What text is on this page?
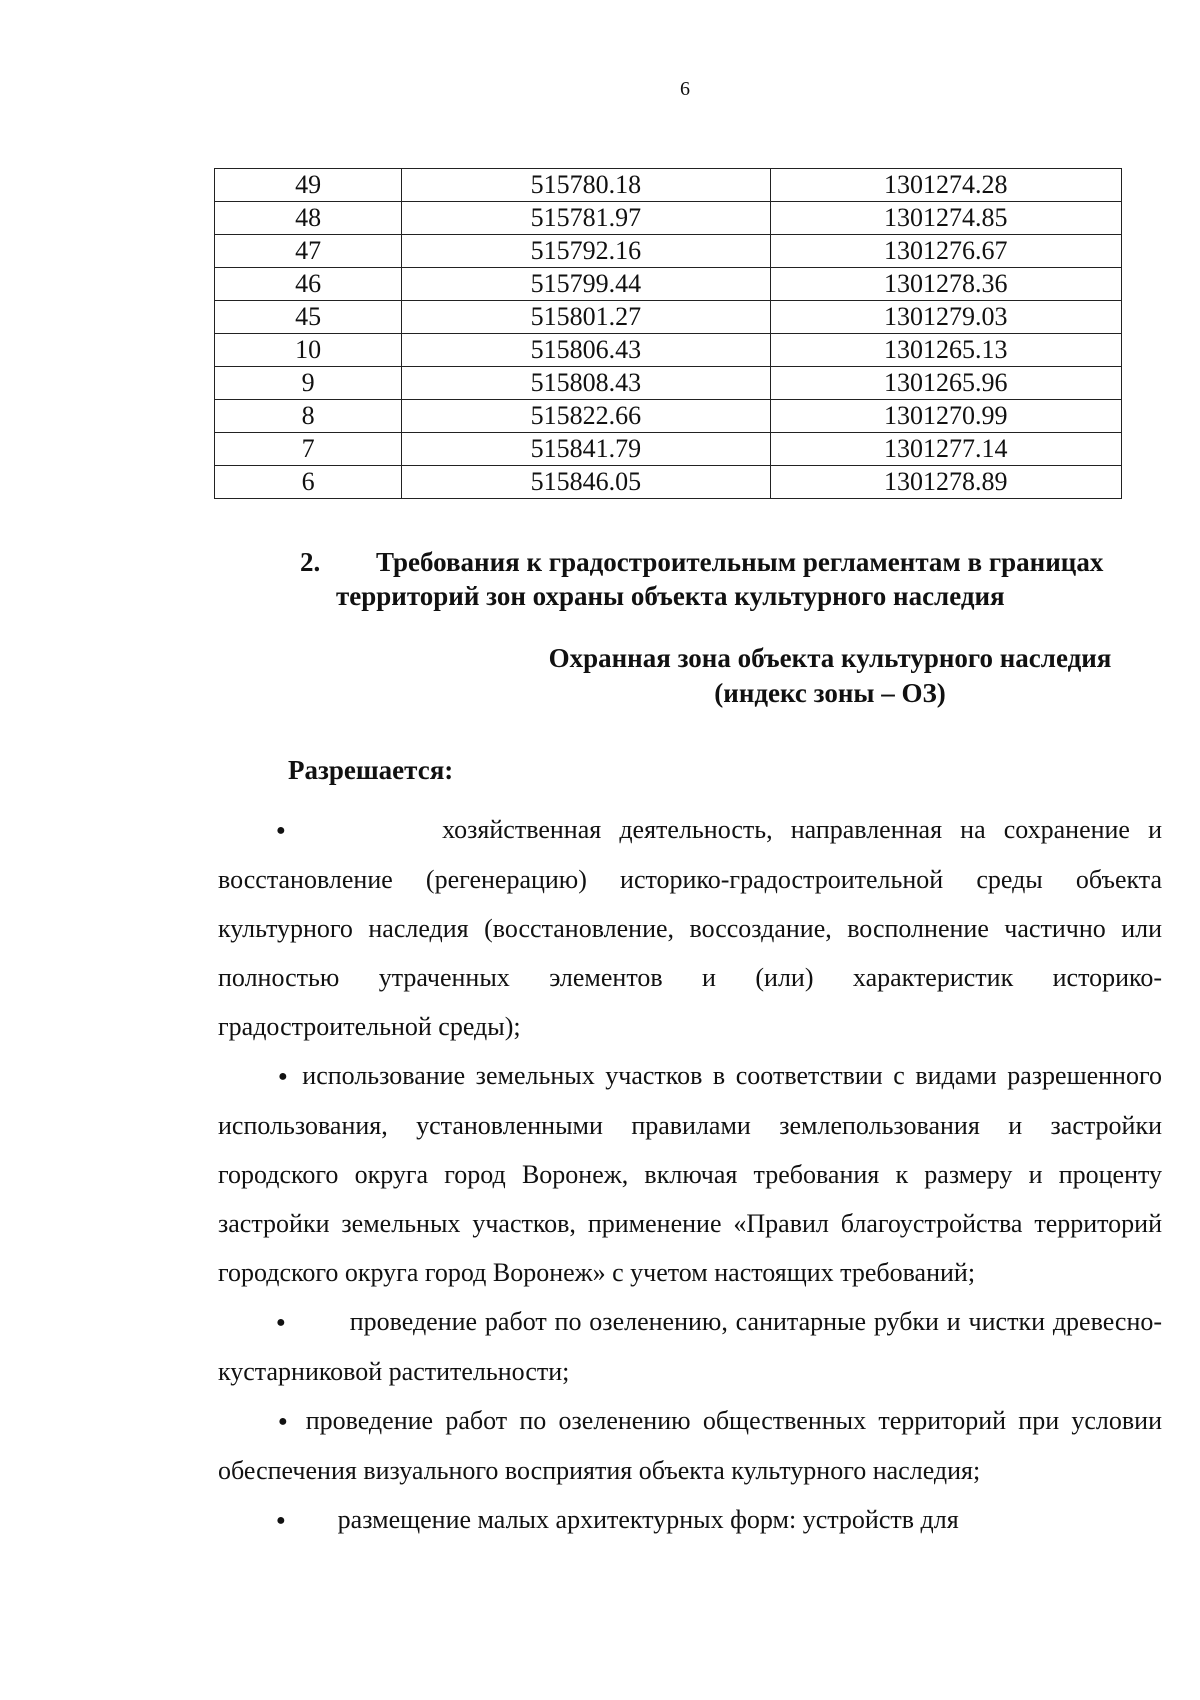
6
49	515780.18	1301274.28
48	515781.97	1301274.85
47	515792.16	1301276.67
46	515799.44	1301278.36
45	515801.27	1301279.03
10	515806.43	1301265.13
9	515808.43	1301265.96
8	515822.66	1301270.99
7	515841.79	1301277.14
6	515846.05	1301278.89
2. Требования к градостроительным регламентам в границах
территорий зон охраны объекта культурного наследия
Охранная зона объекта культурного наследия
(индекс зоны – ОЗ)
Разрешается:

●	хозяйственная деятельность, направленная на сохранение и восстановление (регенерацию) историко-градостроительной среды объекта культурного наследия (восстановление, воссоздание, восполнение частично или полностью утраченных элементов и (или) характеристик историко-градостроительной среды);

● использование земельных участков в соответствии с видами разрешенного использования, установленными правилами землепользования и застройки городского округа город Воронеж, включая требования к размеру и проценту застройки земельных участков, применение «Правил благоустройства территорий городского округа город Воронеж» с учетом настоящих требований;

● проведение работ по озеленению, санитарные рубки и чистки древесно-кустарниковой растительности;

● проведение работ по озеленению общественных территорий при условии обеспечения визуального восприятия объекта культурного наследия;

● размещение малых архитектурных форм: устройств для
